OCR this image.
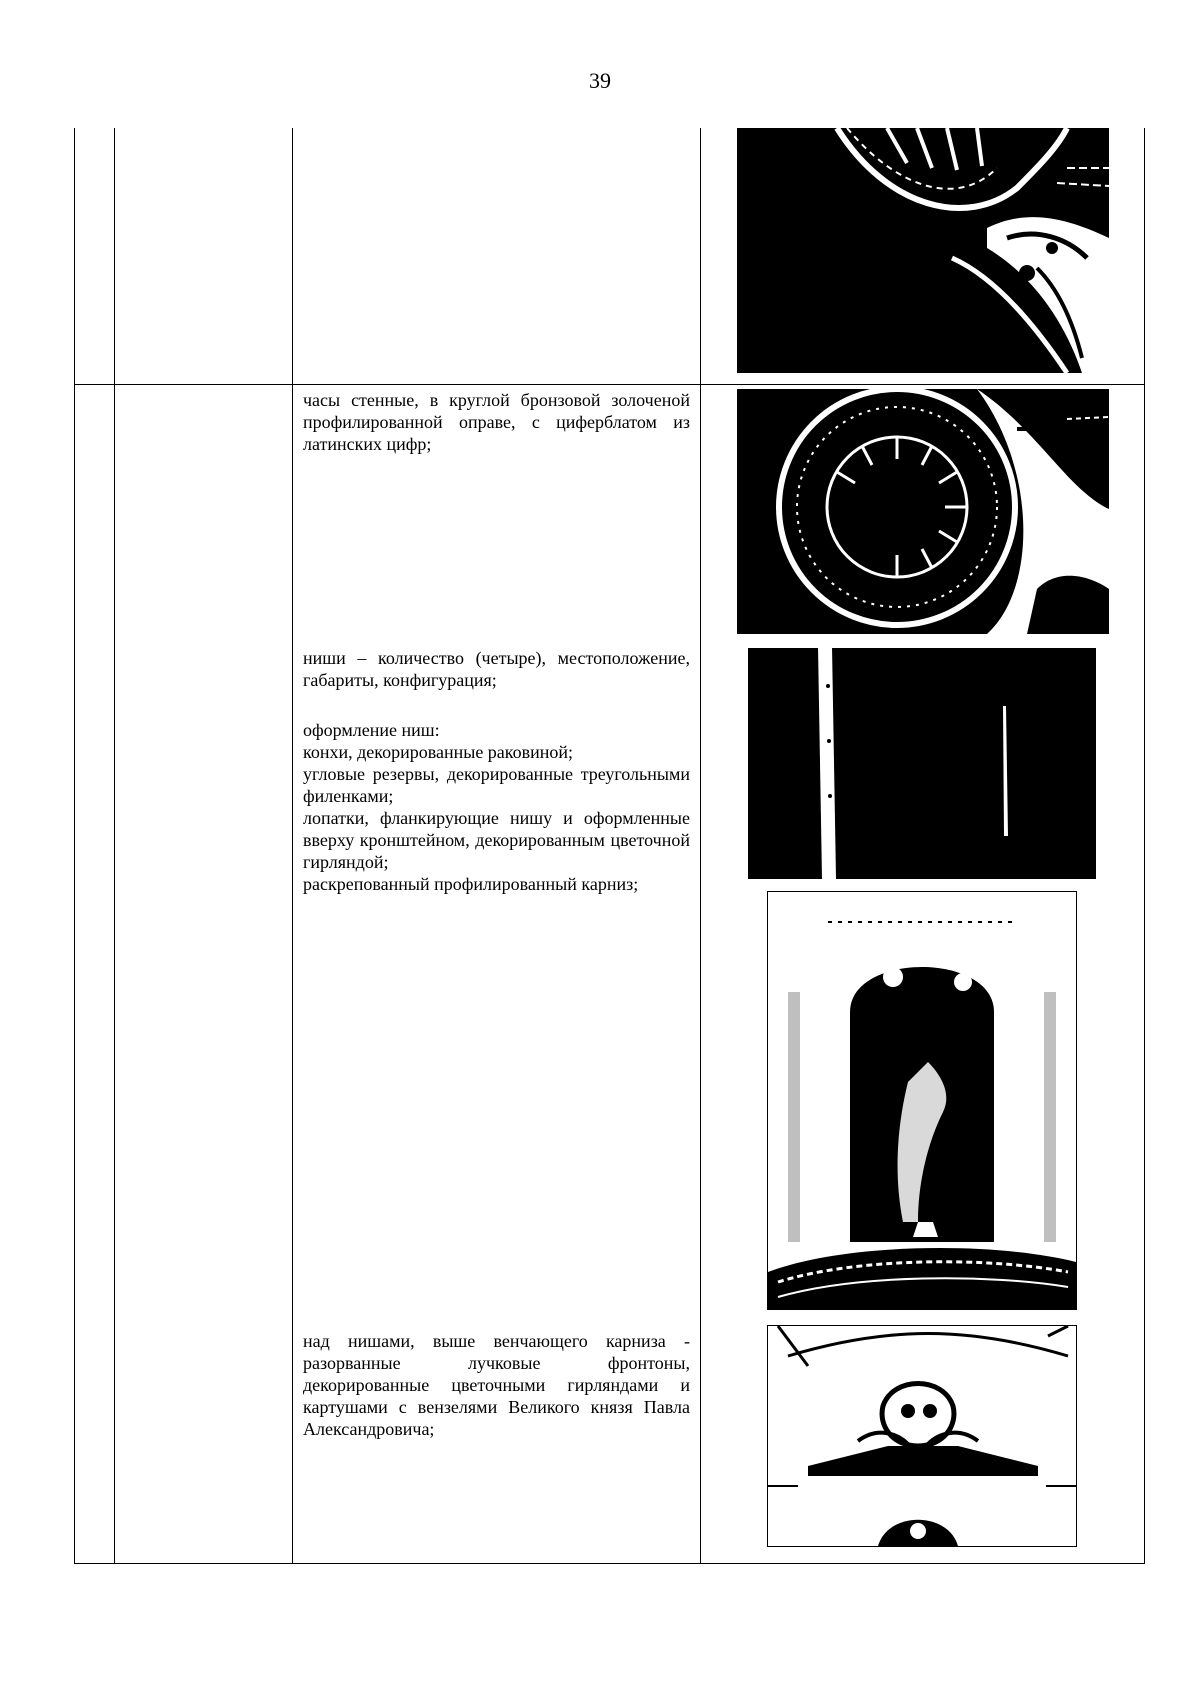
39

часы стенные, в круглой бронзовой золоченой профилированной оправе, с циферблатом из латинских цифр;

ниши – количество (четыре), местоположение, габариты, конфигурация;

оформление ниш:

конхи, декорированные раковиной;

угловые резервы, декорированные треугольными филенками;

лопатки, фланкирующие нишу и оформленные вверху кронштейном, декорированным цветочной гирляндой;

раскрепованный профилированный карниз;

над нишами, выше венчающего карниза - разорванные лучковые фронтоны, декорированные цветочными гирляндами и картушами с вензелями Великого князя Павла Александровича;
